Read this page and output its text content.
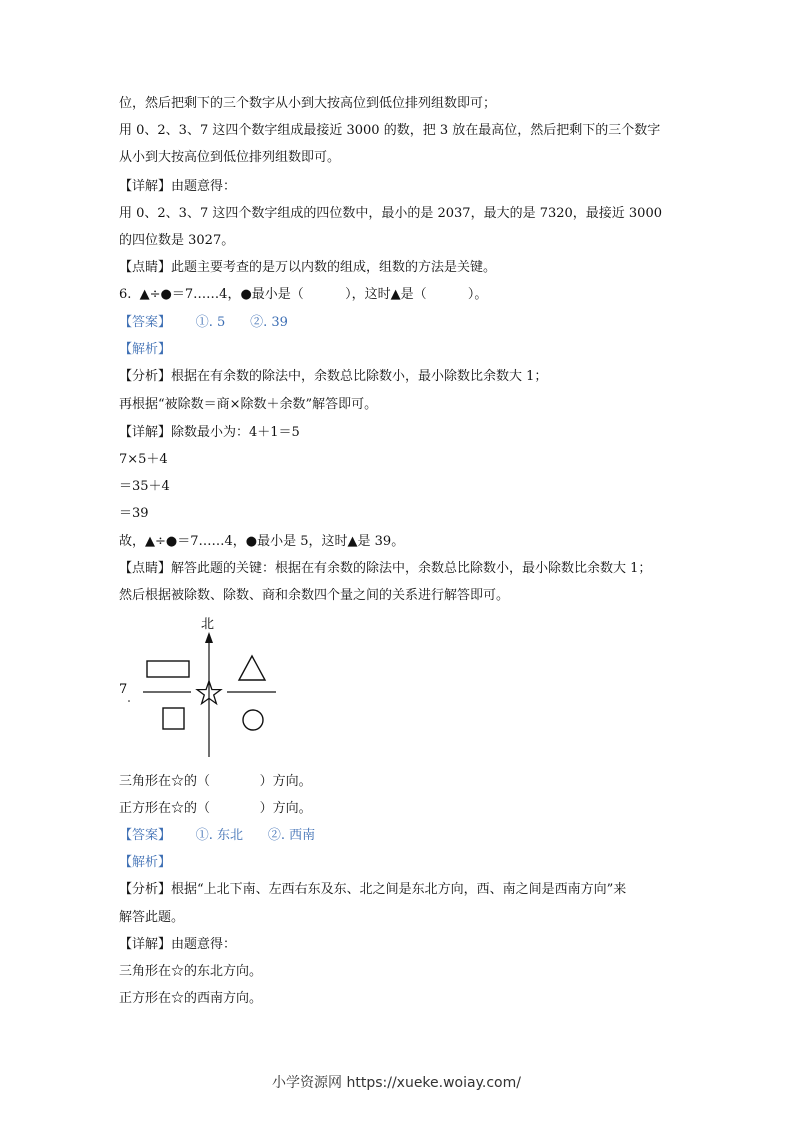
位，然后把剩下的三个数字从小到大按高位到低位排列组数即可；
用 0、2、3、7 这四个数字组成最接近 3000 的数，把 3 放在最高位，然后把剩下的三个数字
从小到大按高位到低位排列组数即可。
【详解】由题意得：
用 0、2、3、7 这四个数字组成的四位数中，最小的是 2037，最大的是 7320，最接近 3000
的四位数是 3027。
【点睛】此题主要考查的是万以内数的组成，组数的方法是关键。
6.  ▲÷●＝7……4，●最小是（          ），这时▲是（          ）。
【答案】      ①. 5      ②. 39
【解析】
【分析】根据在有余数的除法中，余数总比除数小，最小除数比余数大 1；
再根据“被除数＝商×除数＋余数”解答即可。
【详解】除数最小为：4＋1＝5
7×5＋4
＝35＋4
＝39
故，▲÷●＝7……4，●最小是 5，这时▲是 39。
【点睛】解答此题的关键：根据在有余数的除法中，余数总比除数小，最小除数比余数大 1；
然后根据被除数、除数、商和余数四个量之间的关系进行解答即可。
北
7
三角形在☆的（            ）方向。
正方形在☆的（            ）方向。
【答案】      ①. 东北      ②. 西南
【解析】
【分析】根据“上北下南、左西右东及东、北之间是东北方向，西、南之间是西南方向”来
解答此题。
【详解】由题意得：
三角形在☆的东北方向。
正方形在☆的西南方向。
小学资源网 https://xueke.woiay.com/
